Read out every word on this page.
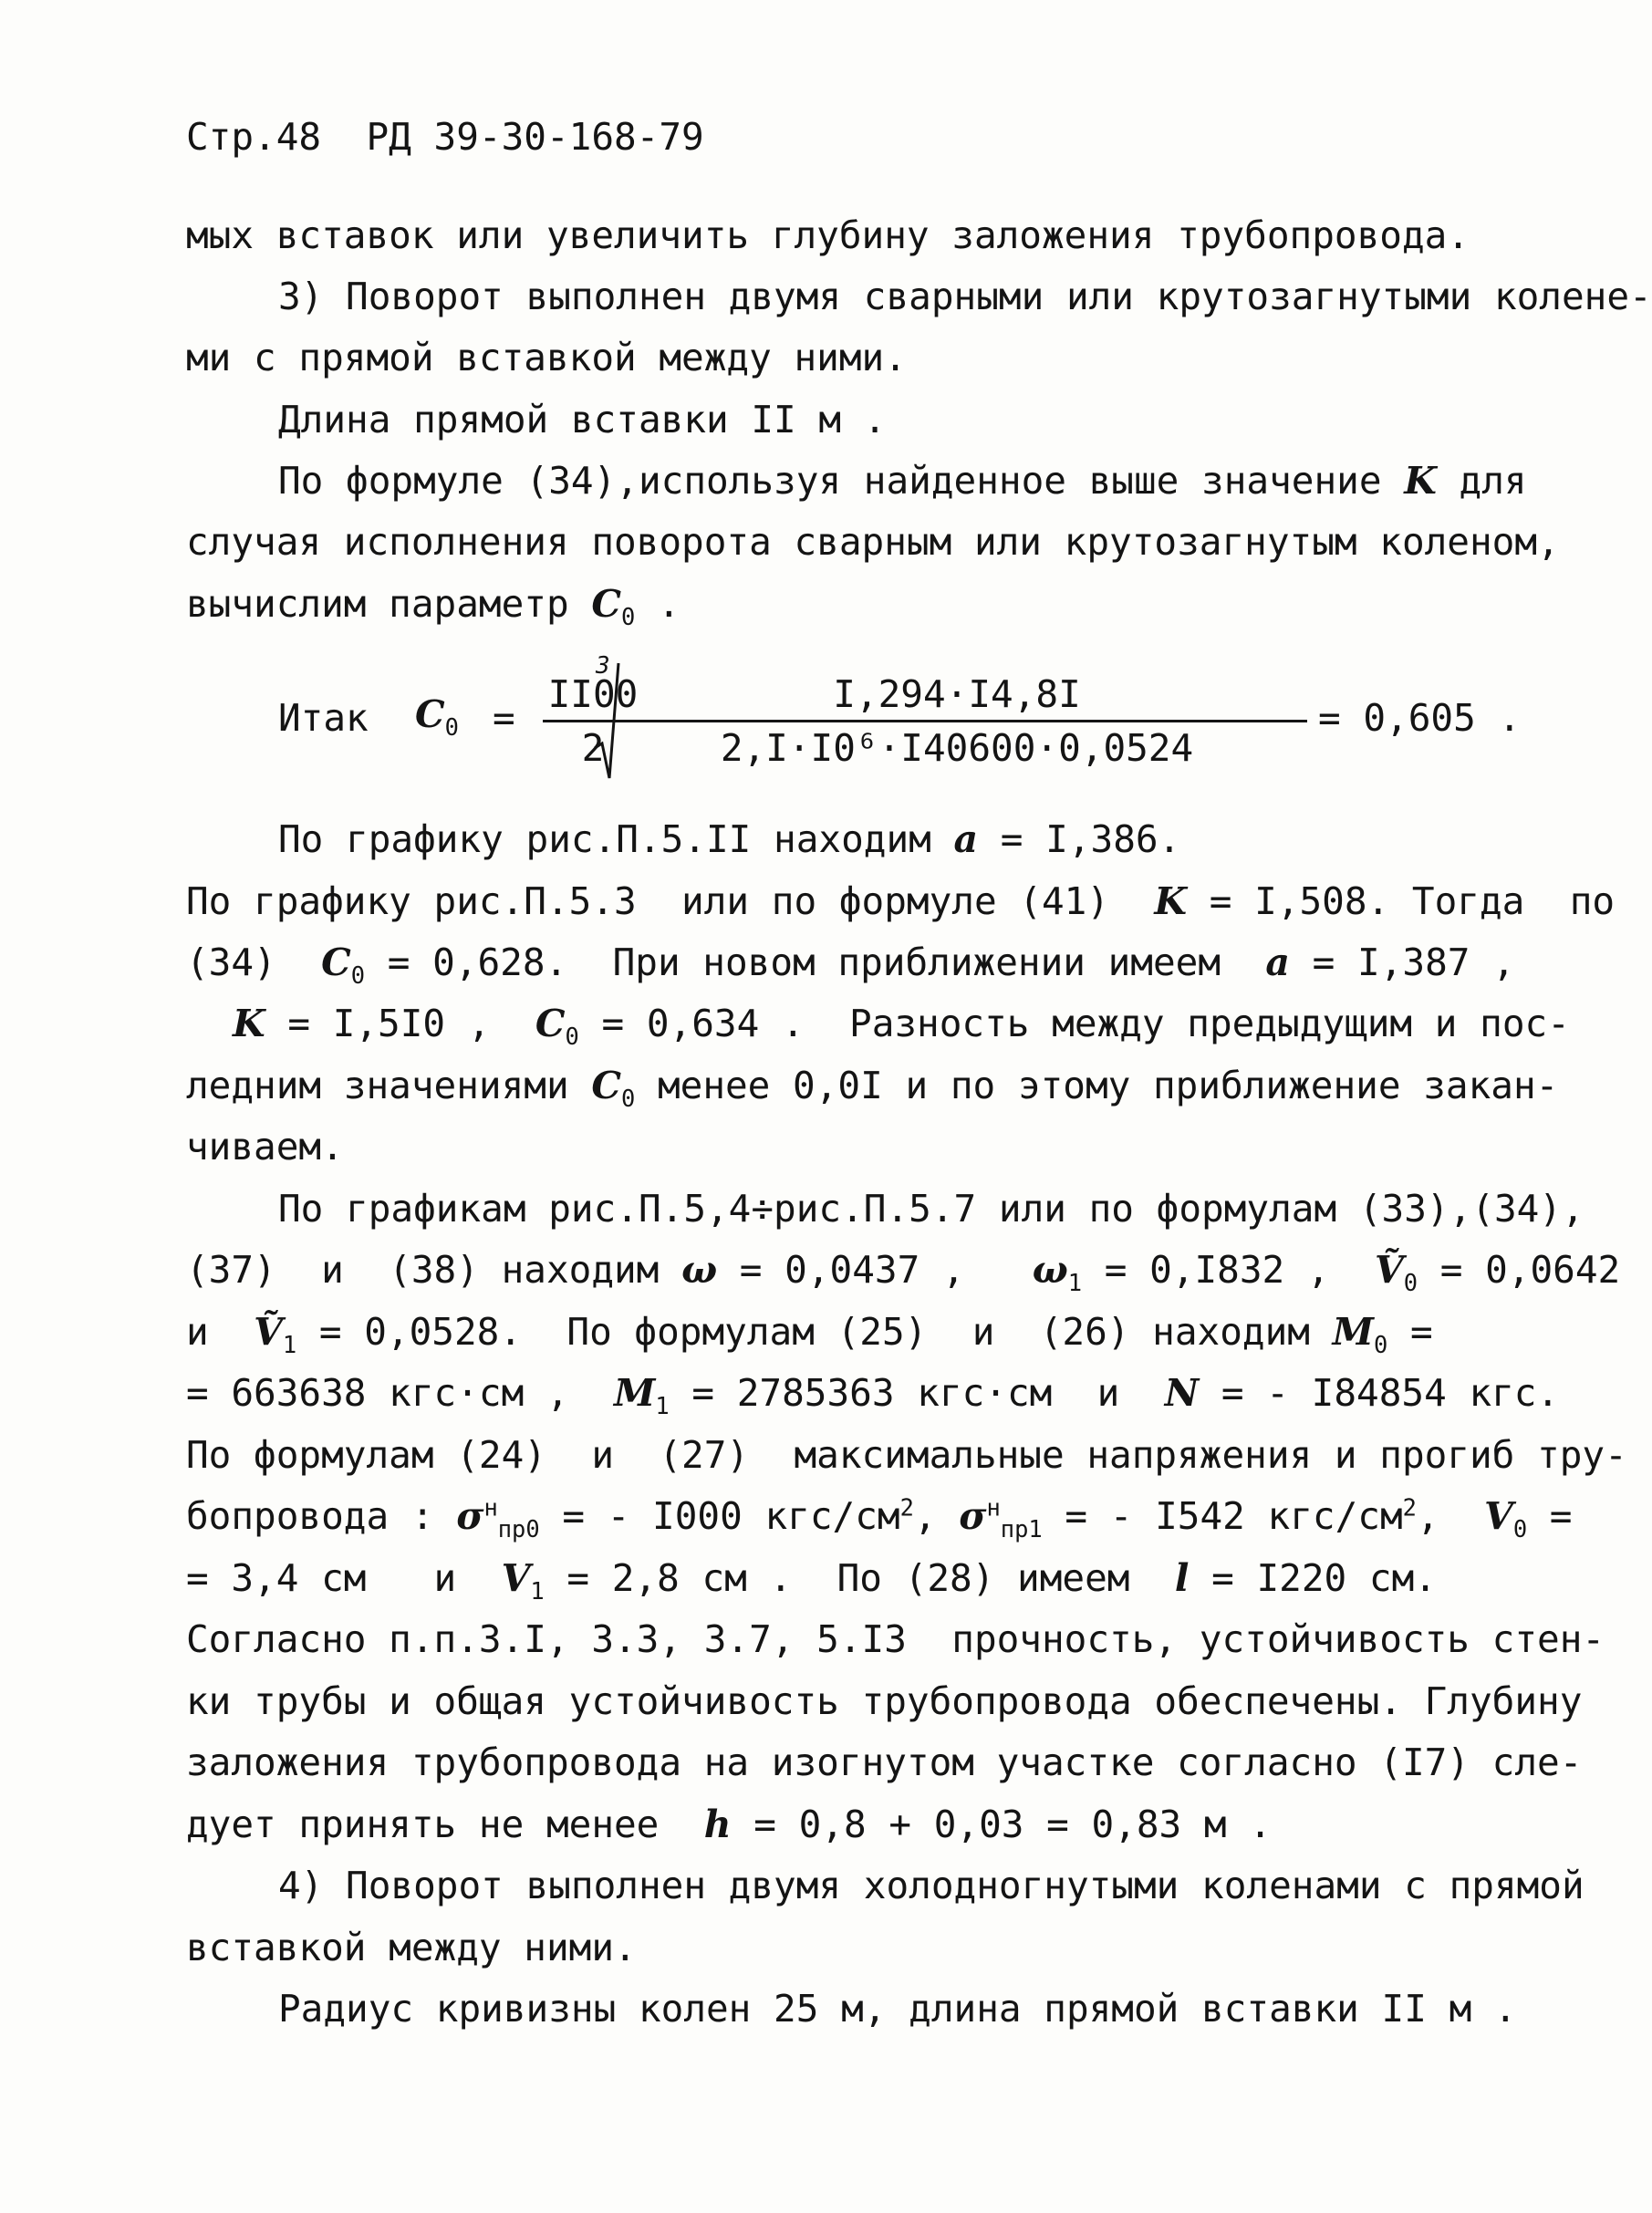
Стр.48  РД 39-30-168-79
мых вставок или увеличить глубину заложения трубопровода.
3) Поворот выполнен двумя сварными или крутозагнутыми колене-
ми с прямой вставкой между ними.
Длина прямой вставки II м .
По формуле (34),используя найденное выше значение K для
случая исполнения поворота сварным или крутозагнутым коленом,
вычислим параметр $C_0$ .
Итак $C_0$ =
II00
2
3
I,294·I4,8I
2,I·I0⁶·I40600·0,0524
= 0,605 .
По графику рис.П.5.II находим a = I,386.
По графику рис.П.5.3  или по формуле (41)  K = I,508. Тогда  по
(34)  $C_0 = 0,628$.  При новом приближении имеем  a = I,387 ,
K = I,5I0 ,  $C_0 = 0,634$ .  Разность между предыдущим и пос-
ледним значениями $C_0$ менее 0,0I и по этому приближение закан-
чиваем.
По графикам рис.П.5,4÷рис.П.5.7 или по формулам (33),(34),
(37)  и  (38) находим ω = 0,0437 ,   $\omega_1 = 0,I832$ ,  Ṽ$_0$ = 0,0642
и  Ṽ$_1$ = 0,0528.  По формулам (25)  и  (26) находим $M_0$ =
= 663638 кгс·см ,  $M_1 = 2785363$ кгс·см  и  N = - I84854 кгс.
По формулам (24)  и  (27)  максимальные напряжения и прогиб тру-
бопровода : $\sigma^н_{пр0}$ = - I000 кгс/$см^2$, $\sigma^н_{пр1}$ = - I542 кгс/$см^2$,  $V_0$ =
= 3,4 см   и  $V_1 = 2,8$ см .  По (28) имеем  l = I220 см.
Согласно п.п.3.I, 3.3, 3.7, 5.I3  прочность, устойчивость стен-
ки трубы и общая устойчивость трубопровода обеспечены. Глубину
заложения трубопровода на изогнутом участке согласно (I7) сле-
дует принять не менее  h = 0,8 + 0,03 = 0,83 м .
4) Поворот выполнен двумя холодногнутыми коленами с прямой
вставкой между ними.
Радиус кривизны колен 25 м, длина прямой вставки II м .
